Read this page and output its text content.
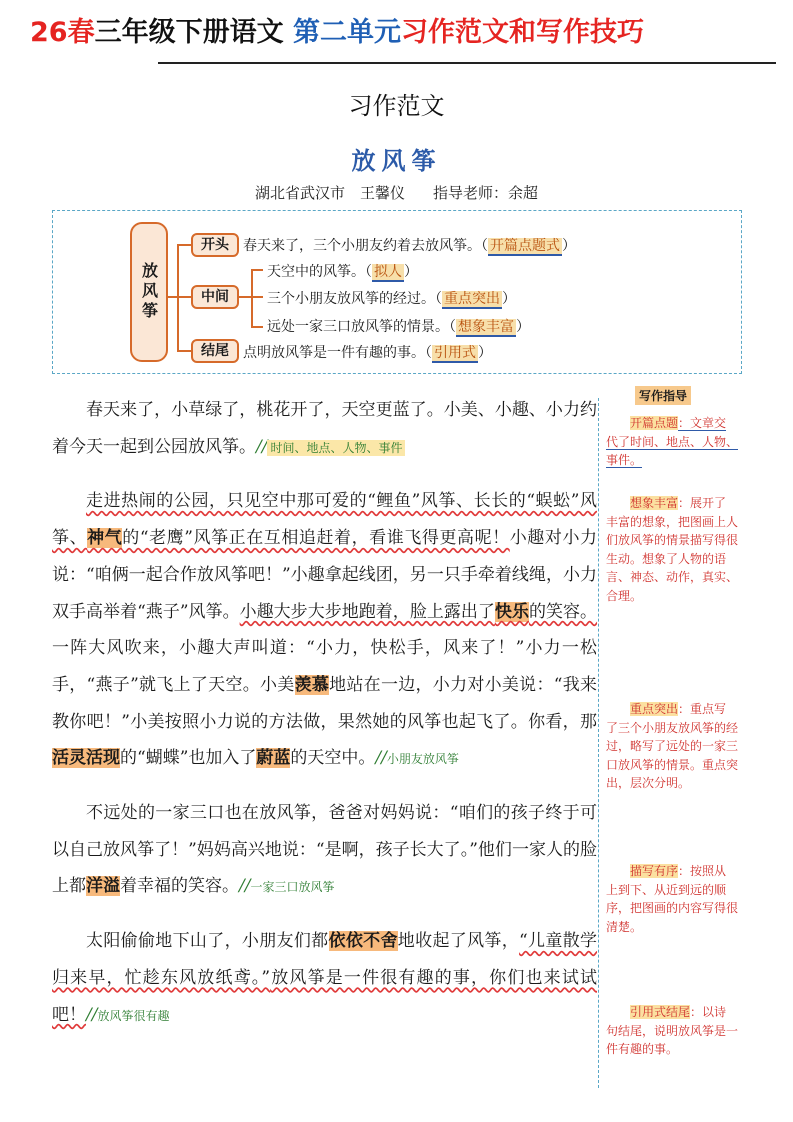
26春三年级下册语文 第二单元习作范文和写作技巧
习作范文
放风筝
湖北省武汉市　王馨仪 指导老师：余超
放风筝
开头	春天来了，三个小朋友约着去放风筝。（ 开篇点题式 ）
中间
天空中的风筝。（ 拟人 ）
三个小朋友放风筝的经过。（ 重点突出 ）
远处一家三口放风筝的情景。（ 想象丰富 ）
结尾	点明放风筝是一件有趣的事。（ 引用式 ）

春天来了，小草绿了，桃花开了，天空更蓝了。小美、小趣、小力约着今天一起到公园放风筝。// 时间、地点、人物、事件

走进热闹的公园，只见空中那可爱的“鲤鱼”风筝、长长的“蜈蚣”风筝、神气的“老鹰”风筝正在互相追赶着，看谁飞得更高呢！小趣对小力说：“咱俩一起合作放风筝吧！”小趣拿起线团，另一只手牵着线绳，小力双手高举着“燕子”风筝。小趣大步大步地跑着，脸上露出了快乐的笑容。一阵大风吹来，小趣大声叫道：“小力，快松手，风来了！”小力一松手，“燕子”就飞上了天空。小美羡慕地站在一边，小力对小美说：“我来教你吧！”小美按照小力说的方法做，果然她的风筝也起飞了。你看，那活灵活现的“蝴蝶”也加入了蔚蓝的天空中。//小朋友放风筝

不远处的一家三口也在放风筝，爸爸对妈妈说：“咱们的孩子终于可以自己放风筝了！”妈妈高兴地说：“是啊，孩子长大了。”他们一家人的脸上都洋溢着幸福的笑容。//一家三口放风筝

太阳偷偷地下山了，小朋友们都依依不舍地收起了风筝，“儿童散学归来早，忙趁东风放纸鸢。”放风筝是一件很有趣的事，你们也来试试吧！//放风筝很有趣

写作指导
开篇点题：文章交代了时间、地点、人物、事件。
想象丰富：展开了丰富的想象，把图画上人们放风筝的情景描写得很生动。想象了人物的语言、神态、动作，真实、合理。
重点突出：重点写了三个小朋友放风筝的经过，略写了远处的一家三口放风筝的情景。重点突出，层次分明。
描写有序：按照从上到下、从近到远的顺序，把图画的内容写得很清楚。
引用式结尾：以诗句结尾，说明放风筝是一件有趣的事。
